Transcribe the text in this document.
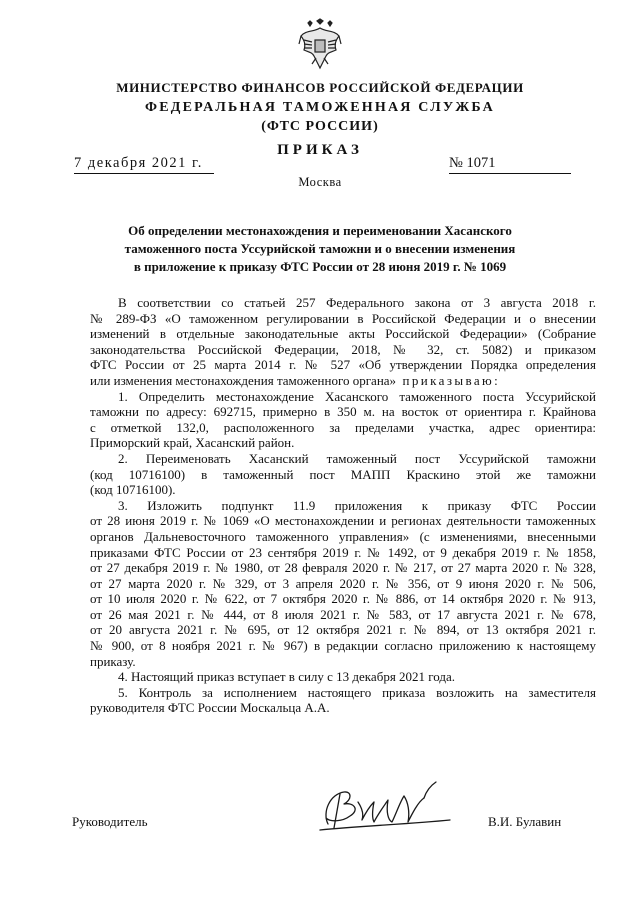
МИНИСТЕРСТВО ФИНАНСОВ РОССИЙСКОЙ ФЕДЕРАЦИИ
ФЕДЕРАЛЬНАЯ ТАМОЖЕННАЯ СЛУЖБА
(ФТС РОССИИ)
ПРИКАЗ
7 декабря 2021 г.	№ 1071
Москва
Об определении местонахождения и переименовании Хасанского
таможенного поста Уссурийской таможни и о внесении изменения
в приложение к приказу ФТС России от 28 июня 2019 г. № 1069
В соответствии со статьей 257 Федерального закона от 3 августа 2018 г.
№ 289-ФЗ «О таможенном регулировании в Российской Федерации и о внесении
изменений в отдельные законодательные акты Российской Федерации» (Собрание
законодательства Российской Федерации, 2018, № 32, ст. 5082) и приказом
ФТС России от 25 марта 2014 г. № 527 «Об утверждении Порядка определения
или изменения местонахождения таможенного органа» приказываю:
1. Определить местонахождение Хасанского таможенного поста Уссурийской
таможни по адресу: 692715, примерно в 350 м. на восток от ориентира г. Крайнова
с отметкой 132,0, расположенного за пределами участка, адрес ориентира:
Приморский край, Хасанский район.
2. Переименовать Хасанский таможенный пост Уссурийской таможни
(код 10716100) в таможенный пост МАПП Краскино этой же таможни
(код 10716100).
3. Изложить подпункт 11.9 приложения к приказу ФТС России
от 28 июня 2019 г. № 1069 «О местонахождении и регионах деятельности таможенных
органов Дальневосточного таможенного управления» (с изменениями, внесенными
приказами ФТС России от 23 сентября 2019 г. № 1492, от 9 декабря 2019 г. № 1858,
от 27 декабря 2019 г. № 1980, от 28 февраля 2020 г. № 217, от 27 марта 2020 г. № 328,
от 27 марта 2020 г. № 329, от 3 апреля 2020 г. № 356, от 9 июня 2020 г. № 506,
от 10 июля 2020 г. № 622, от 7 октября 2020 г. № 886, от 14 октября 2020 г. № 913,
от 26 мая 2021 г. № 444, от 8 июля 2021 г. № 583, от 17 августа 2021 г. № 678,
от 20 августа 2021 г. № 695, от 12 октября 2021 г. № 894, от 13 октября 2021 г.
№ 900, от 8 ноября 2021 г. № 967) в редакции согласно приложению к настоящему
приказу.
4. Настоящий приказ вступает в силу с 13 декабря 2021 года.
5. Контроль за исполнением настоящего приказа возложить на заместителя
руководителя ФТС России Москальца А.А.
Руководитель	В.И. Булавин
